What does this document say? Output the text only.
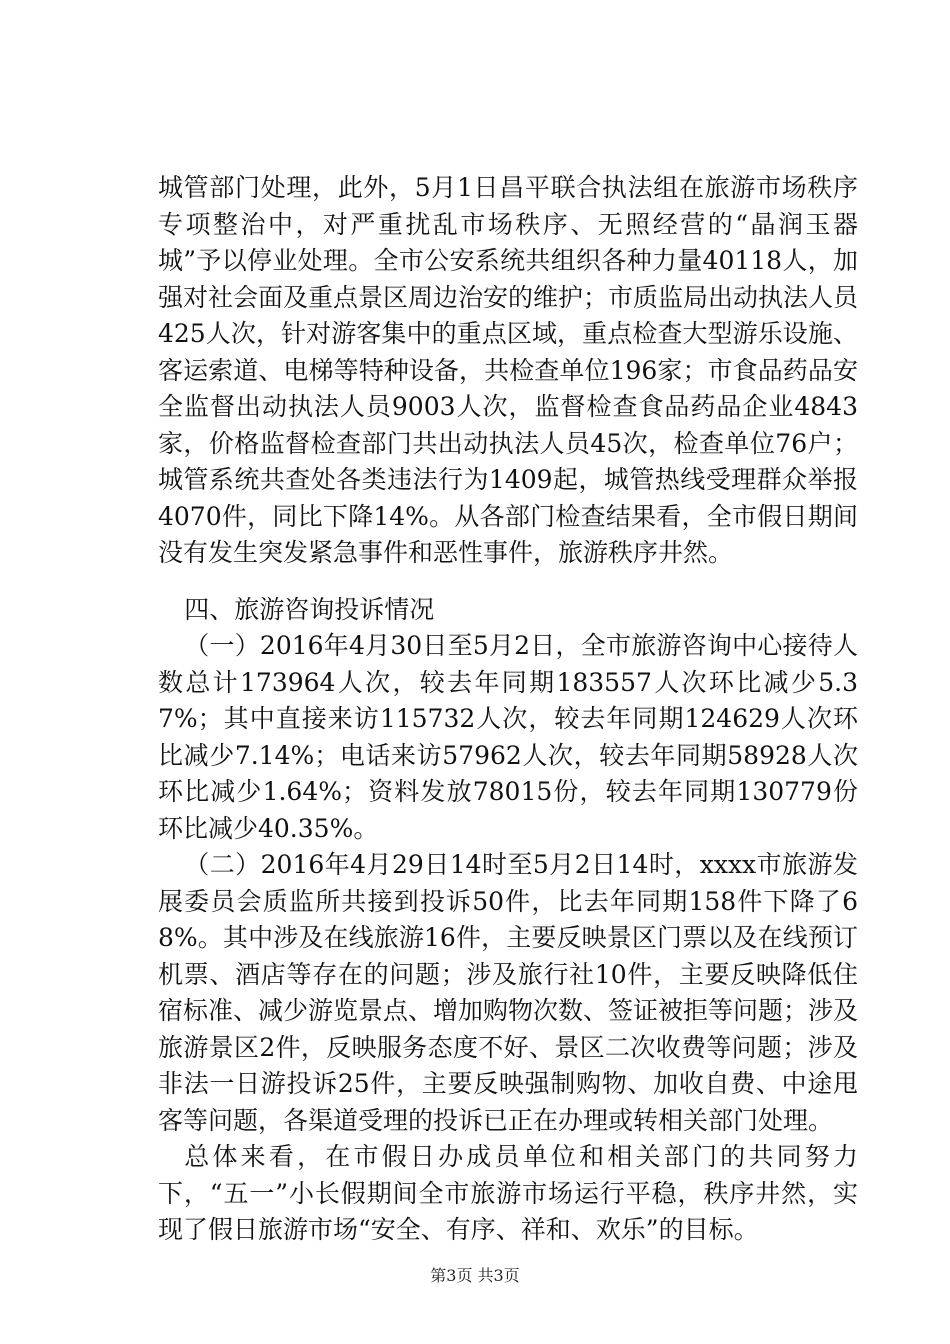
城管部门处理，此外，5月1日昌平联合执法组在旅游市场秩序专项整治中，对严重扰乱市场秩序、无照经营的“晶润玉器城”予以停业处理。全市公安系统共组织各种力量40118人，加强对社会面及重点景区周边治安的维护；市质监局出动执法人员425人次，针对游客集中的重点区域，重点检查大型游乐设施、客运索道、电梯等特种设备，共检查单位196家；市食品药品安全监督出动执法人员9003人次，监督检查食品药品企业4843家，价格监督检查部门共出动执法人员45次，检查单位76户；城管系统共查处各类违法行为1409起，城管热线受理群众举报4070件，同比下降14%。从各部门检查结果看，全市假日期间没有发生突发紧急事件和恶性事件，旅游秩序井然。

四、旅游咨询投诉情况

（一）2016年4月30日至5月2日，全市旅游咨询中心接待人数总计173964人次，较去年同期183557人次环比减少5.37%；其中直接来访115732人次，较去年同期124629人次环比减少7.14%；电话来访57962人次，较去年同期58928人次环比减少1.64%；资料发放78015份，较去年同期130779份环比减少40.35%。

（二）2016年4月29日14时至5月2日14时，xxxx市旅游发展委员会质监所共接到投诉50件，比去年同期158件下降了68%。其中涉及在线旅游16件，主要反映景区门票以及在线预订机票、酒店等存在的问题；涉及旅行社10件，主要反映降低住宿标准、减少游览景点、增加购物次数、签证被拒等问题；涉及旅游景区2件，反映服务态度不好、景区二次收费等问题；涉及非法一日游投诉25件，主要反映强制购物、加收自费、中途甩客等问题，各渠道受理的投诉已正在办理或转相关部门处理。

总体来看，在市假日办成员单位和相关部门的共同努力下，“五一”小长假期间全市旅游市场运行平稳，秩序井然，实现了假日旅游市场“安全、有序、祥和、欢乐”的目标。

第3页 共3页
